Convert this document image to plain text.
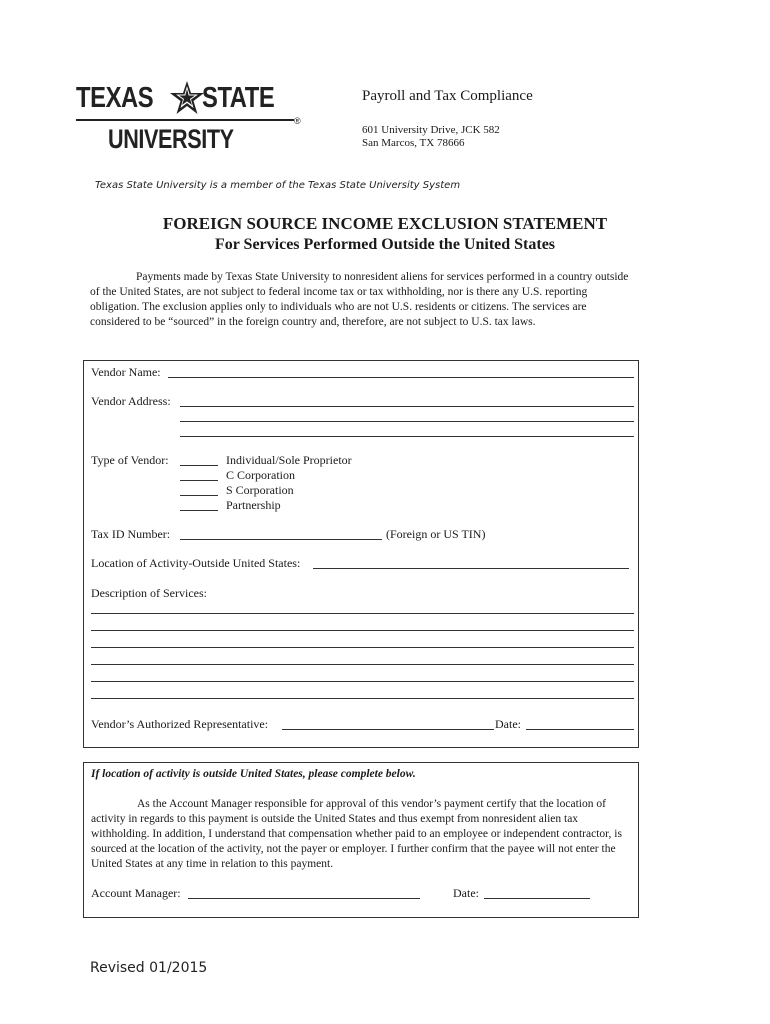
TEXAS STATE
UNIVERSITY
®
Payroll and Tax Compliance
601 University Drive, JCK 582
San Marcos, TX 78666
Texas State University is a member of the Texas State University System
FOREIGN SOURCE INCOME EXCLUSION STATEMENT
For Services Performed Outside the United States

Payments made by Texas State University to nonresident aliens for services performed in a country outside of the United States, are not subject to federal income tax or tax withholding, nor is there any U.S. reporting obligation. The exclusion applies only to individuals who are not U.S. residents or citizens. The services are considered to be “sourced” in the foreign country and, therefore, are not subject to U.S. tax laws.

Vendor Name:
Vendor Address:
Type of Vendor:	Individual/Sole Proprietor
C Corporation
S Corporation
Partnership
Tax ID Number:	(Foreign or US TIN)
Location of Activity-Outside United States:
Description of Services:
Vendor’s Authorized Representative:	Date:
If location of activity is outside United States, please complete below.

As the Account Manager responsible for approval of this vendor’s payment certify that the location of activity in regards to this payment is outside the United States and thus exempt from nonresident alien tax withholding. In addition, I understand that compensation whether paid to an employee or independent contractor, is sourced at the location of the activity, not the payer or employer. I further confirm that the payee will not enter the United States at any time in relation to this payment.

Account Manager:	Date:
Revised 01/2015
